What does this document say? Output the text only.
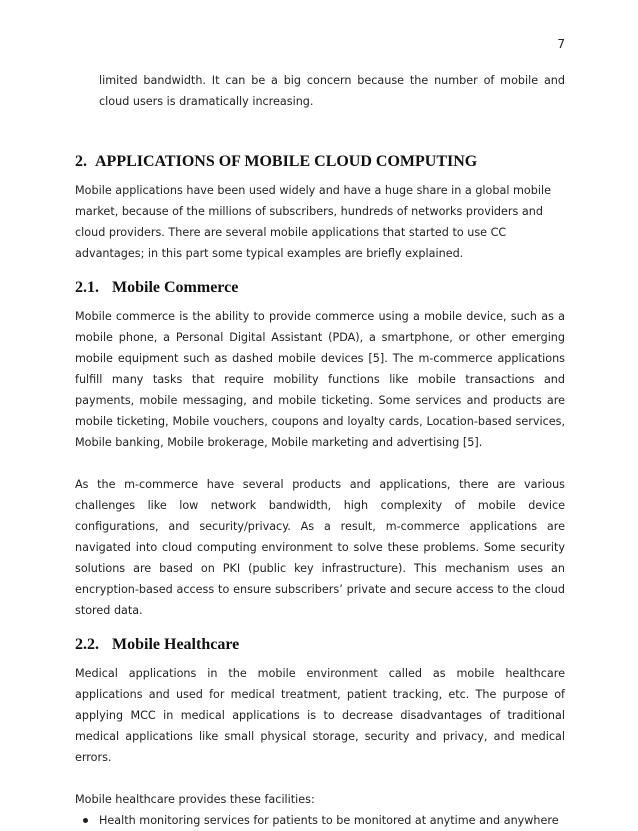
7

limited bandwidth. It can be a big concern because the number of mobile and cloud users is dramatically increasing.

2. APPLICATIONS OF MOBILE CLOUD COMPUTING

Mobile applications have been used widely and have a huge share in a global mobile market, because of the millions of subscribers, hundreds of networks providers and cloud providers. There are several mobile applications that started to use CC advantages; in this part some typical examples are briefly explained.

2.1. Mobile Commerce

Mobile commerce is the ability to provide commerce using a mobile device, such as a mobile phone, a Personal Digital Assistant (PDA), a smartphone, or other emerging mobile equipment such as dashed mobile devices [5]. The m-commerce applications fulfill many tasks that require mobility functions like mobile transactions and payments, mobile messaging, and mobile ticketing. Some services and products are mobile ticketing, Mobile vouchers, coupons and loyalty cards, Location-based services, Mobile banking, Mobile brokerage, Mobile marketing and advertising [5].

As the m-commerce have several products and applications, there are various challenges like low network bandwidth, high complexity of mobile device configurations, and security/privacy. As a result, m-commerce applications are navigated into cloud computing environment to solve these problems. Some security solutions are based on PKI (public key infrastructure). This mechanism uses an encryption-based access to ensure subscribers’ private and secure access to the cloud stored data.

2.2. Mobile Healthcare

Medical applications in the mobile environment called as mobile healthcare applications and used for medical treatment, patient tracking, etc. The purpose of applying MCC in medical applications is to decrease disadvantages of traditional medical applications like small physical storage, security and privacy, and medical errors.

Mobile healthcare provides these facilities:

Health monitoring services for patients to be monitored at anytime and anywhere
